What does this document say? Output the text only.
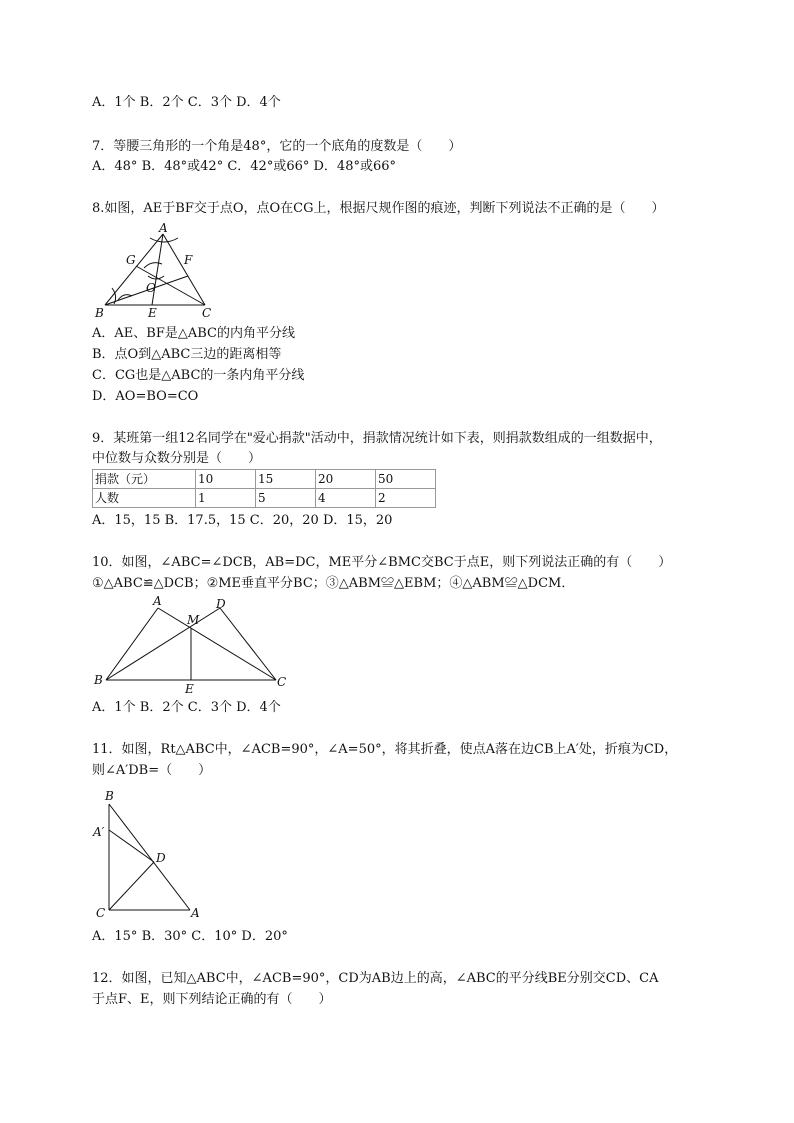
A．1个 B．2个 C．3个 D．4个
7．等腰三角形的一个角是48°，它的一个底角的度数是（　　）
A．48° B．48°或42° C．42°或66° D．48°或66°
8.如图，AE于BF交于点O，点O在CG上，根据尺规作图的痕迹，判断下列说法不正确的是（　　）
A
G	F
O
B	E	C
A．AE、BF是△ABC的内角平分线
B．点O到△ABC三边的距离相等
C．CG也是△ABC的一条内角平分线
D．AO=BO=CO
9．某班第一组12名同学在"爱心捐款"活动中，捐款情况统计如下表，则捐款数组成的一组数据中，
中位数与众数分别是（　　）
捐款（元）	10	15	20	50
人数	1	5	4	2
A．15，15 B．17.5，15 C．20，20 D．15，20
10．如图，∠ABC=∠DCB，AB=DC，ME平分∠BMC交BC于点E，则下列说法正确的有（　　）
①△ABC≌△DCB；②ME垂直平分BC；③△ABM≌△EBM；④△ABM≌△DCM．
A	D
M
B
E	C
A．1个 B．2个 C．3个 D．4个
11．如图，Rt△ABC中，∠ACB=90°，∠A=50°，将其折叠，使点A落在边CB上A′处，折痕为CD，
则∠A′DB=（　　）
B
A′
D
C	A
A．15° B．30° C．10° D．20°
12．如图，已知△ABC中，∠ACB=90°，CD为AB边上的高，∠ABC的平分线BE分别交CD、CA
于点F、E，则下列结论正确的有（　　）
